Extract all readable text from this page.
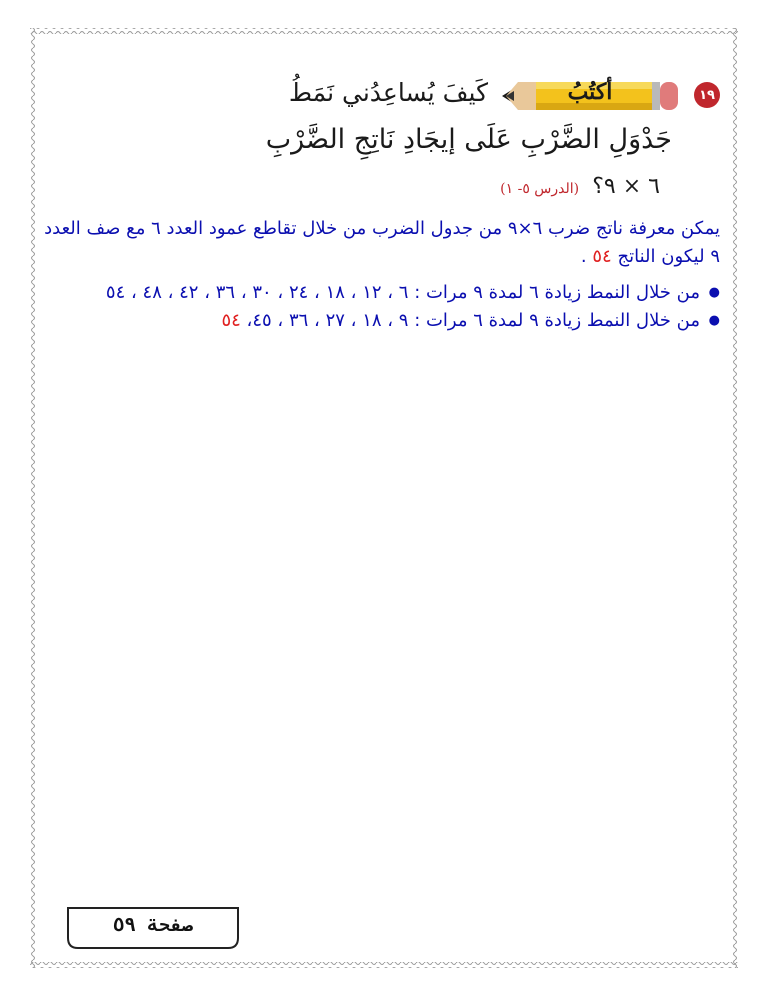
١٩
أكتُبُ
كَيفَ يُساعِدُني نَمَطُ
جَدْوَلِ الضَّرْبِ عَلَى إيجَادِ نَاتِجِ الضَّرْبِ
٦ × ٩؟ (الدرس ٥- ١)

يمكن معرفة ناتج ضرب ٦×٩ من جدول الضرب من خلال تقاطع عمود العدد ٦ مع صف العدد ٩ ليكون الناتج ٥٤ .

● من خلال النمط زيادة ٦ لمدة ٩ مرات : ٦ ، ١٢ ، ١٨ ، ٢٤ ، ٣٠ ، ٣٦ ، ٤٢ ، ٤٨ ، ٥٤
● من خلال النمط زيادة ٩ لمدة ٦ مرات : ٩ ، ١٨ ، ٢٧ ، ٣٦ ، ٤٥، ٥٤
صفحة ٥٩
